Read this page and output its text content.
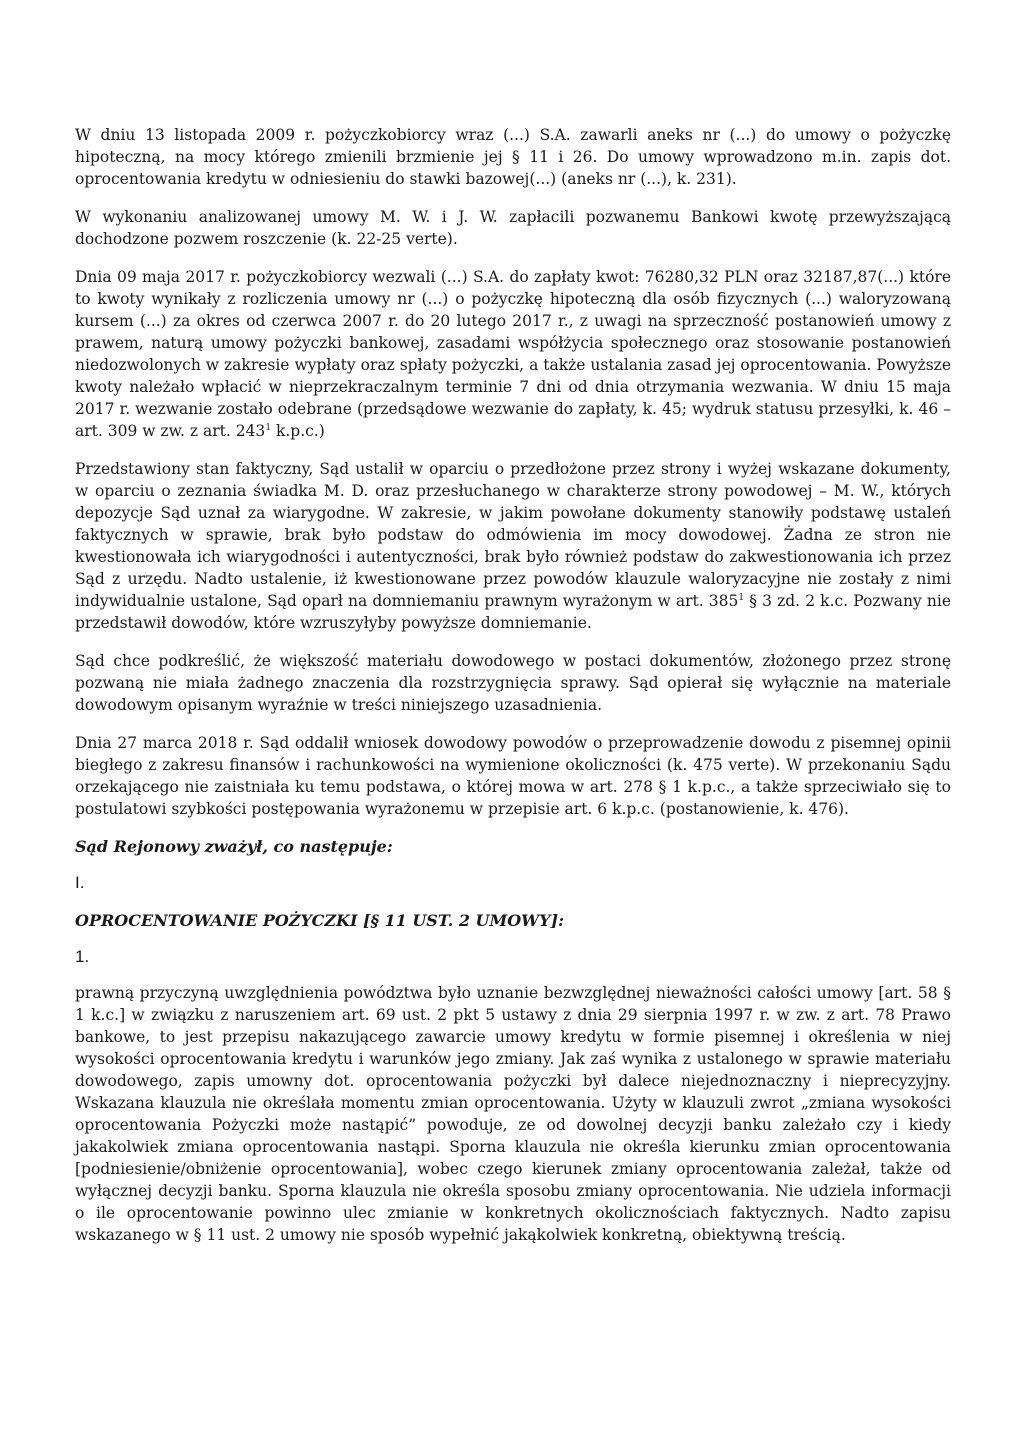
W dniu 13 listopada 2009 r. pożyczkobiorcy wraz (...) S.A. zawarli aneks nr (...) do umowy o pożyczkę hipoteczną, na mocy którego zmienili brzmienie jej § 11 i 26. Do umowy wprowadzono m.in. zapis dot. oprocentowania kredytu w odniesieniu do stawki bazowej(...) (aneks nr (...), k. 231).

W wykonaniu analizowanej umowy M. W. i J. W. zapłacili pozwanemu Bankowi kwotę przewyższającą dochodzone pozwem roszczenie (k. 22-25 verte).

Dnia 09 maja 2017 r. pożyczkobiorcy wezwali (...) S.A. do zapłaty kwot: 76280,32 PLN oraz 32187,87(...) które to kwoty wynikały z rozliczenia umowy nr (...) o pożyczkę hipoteczną dla osób fizycznych (...) waloryzowaną kursem (...) za okres od czerwca 2007 r. do 20 lutego 2017 r., z uwagi na sprzeczność postanowień umowy z prawem, naturą umowy pożyczki bankowej, zasadami współżycia społecznego oraz stosowanie postanowień niedozwolonych w zakresie wypłaty oraz spłaty pożyczki, a także ustalania zasad jej oprocentowania. Powyższe kwoty należało wpłacić w nieprzekraczalnym terminie 7 dni od dnia otrzymania wezwania. W dniu 15 maja 2017 r. wezwanie zostało odebrane (przedsądowe wezwanie do zapłaty, k. 45; wydruk statusu przesyłki, k. 46 – art. 309 w zw. z art. $243^1$ k.p.c.)

Przedstawiony stan faktyczny, Sąd ustalił w oparciu o przedłożone przez strony i wyżej wskazane dokumenty, w oparciu o zeznania świadka M. D. oraz przesłuchanego w charakterze strony powodowej – M. W., których depozycje Sąd uznał za wiarygodne. W zakresie, w jakim powołane dokumenty stanowiły podstawę ustaleń faktycznych w sprawie, brak było podstaw do odmówienia im mocy dowodowej. Żadna ze stron nie kwestionowała ich wiarygodności i autentyczności, brak było również podstaw do zakwestionowania ich przez Sąd z urzędu. Nadto ustalenie, iż kwestionowane przez powodów klauzule waloryzacyjne nie zostały z nimi indywidualnie ustalone, Sąd oparł na domniemaniu prawnym wyrażonym w art. $385^1$ § 3 zd. 2 k.c. Pozwany nie przedstawił dowodów, które wzruszyłyby powyższe domniemanie.

Sąd chce podkreślić, że większość materiału dowodowego w postaci dokumentów, złożonego przez stronę pozwaną nie miała żadnego znaczenia dla rozstrzygnięcia sprawy. Sąd opierał się wyłącznie na materiale dowodowym opisanym wyraźnie w treści niniejszego uzasadnienia.

Dnia 27 marca 2018 r. Sąd oddalił wniosek dowodowy powodów o przeprowadzenie dowodu z pisemnej opinii biegłego z zakresu finansów i rachunkowości na wymienione okoliczności (k. 475 verte). W przekonaniu Sądu orzekającego nie zaistniała ku temu podstawa, o której mowa w art. 278 § 1 k.p.c., a także sprzeciwiało się to postulatowi szybkości postępowania wyrażonemu w przepisie art. 6 k.p.c. (postanowienie, k. 476).

Sąd Rejonowy zważył, co następuje:
I.
OPROCENTOWANIE POŻYCZKI [§ 11 UST. 2 UMOWY]:
1.

prawną przyczyną uwzględnienia powództwa było uznanie bezwzględnej nieważności całości umowy [art. 58 § 1 k.c.] w związku z naruszeniem art. 69 ust. 2 pkt 5 ustawy z dnia 29 sierpnia 1997 r. w zw. z art. 78 Prawo bankowe, to jest przepisu nakazującego zawarcie umowy kredytu w formie pisemnej i określenia w niej wysokości oprocentowania kredytu i warunków jego zmiany. Jak zaś wynika z ustalonego w sprawie materiału dowodowego, zapis umowny dot. oprocentowania pożyczki był dalece niejednoznaczny i nieprecyzyjny. Wskazana klauzula nie określała momentu zmian oprocentowania. Użyty w klauzuli zwrot „zmiana wysokości oprocentowania Pożyczki może nastąpić” powoduje, ze od dowolnej decyzji banku zależało czy i kiedy jakakolwiek zmiana oprocentowania nastąpi. Sporna klauzula nie określa kierunku zmian oprocentowania [podniesienie/obniżenie oprocentowania], wobec czego kierunek zmiany oprocentowania zależał, także od wyłącznej decyzji banku. Sporna klauzula nie określa sposobu zmiany oprocentowania. Nie udziela informacji o ile oprocentowanie powinno ulec zmianie w konkretnych okolicznościach faktycznych. Nadto zapisu wskazanego w § 11 ust. 2 umowy nie sposób wypełnić jakąkolwiek konkretną, obiektywną treścią.
